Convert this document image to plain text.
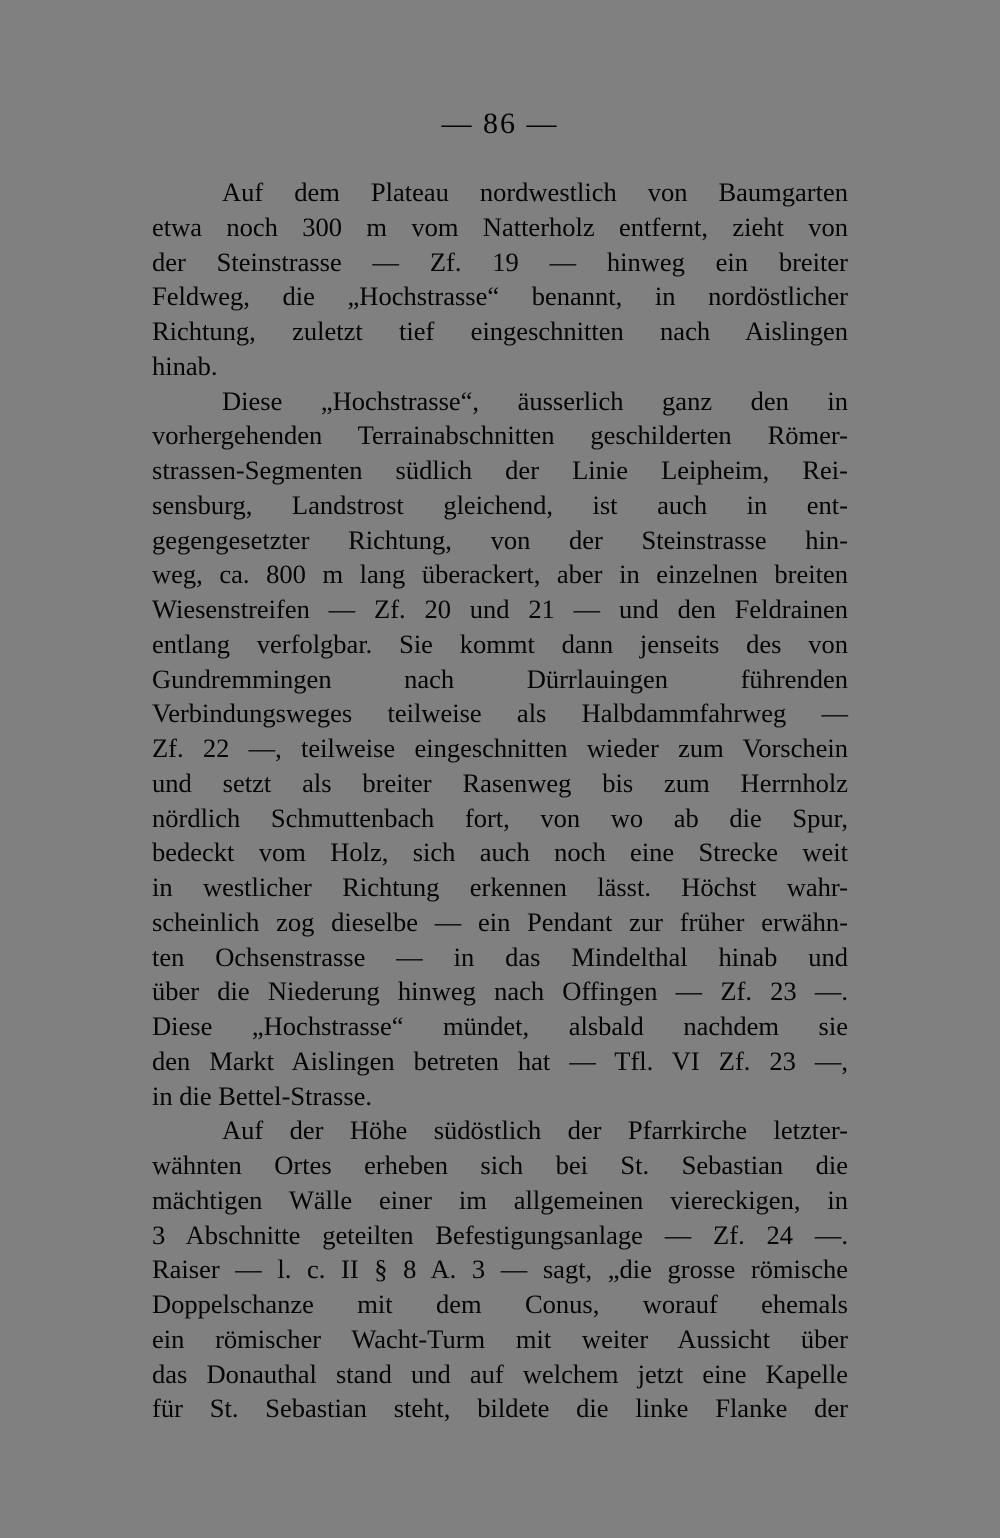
— 86 —
Auf dem Plateau nordwestlich von Baumgarten
etwa noch 300 m vom Natterholz entfernt, zieht von
der Steinstrasse — Zf. 19 — hinweg ein breiter
Feldweg, die „Hochstrasse“ benannt, in nordöstlicher
Richtung, zuletzt tief eingeschnitten nach Aislingen
hinab.
Diese „Hochstrasse“, äusserlich ganz den in
vorhergehenden Terrainabschnitten geschilderten Römer-
strassen-Segmenten südlich der Linie Leipheim, Rei-
sensburg, Landstrost gleichend, ist auch in ent-
gegengesetzter Richtung, von der Steinstrasse hin-
weg, ca. 800 m lang überackert, aber in einzelnen breiten
Wiesenstreifen — Zf. 20 und 21 — und den Feldrainen
entlang verfolgbar. Sie kommt dann jenseits des von
Gundremmingen nach Dürrlauingen führenden
Verbindungsweges teilweise als Halbdammfahrweg —
Zf. 22 —, teilweise eingeschnitten wieder zum Vorschein
und setzt als breiter Rasenweg bis zum Herrnholz
nördlich Schmuttenbach fort, von wo ab die Spur,
bedeckt vom Holz, sich auch noch eine Strecke weit
in westlicher Richtung erkennen lässt. Höchst wahr-
scheinlich zog dieselbe — ein Pendant zur früher erwähn-
ten Ochsenstrasse — in das Mindelthal hinab und
über die Niederung hinweg nach Offingen — Zf. 23 —.
Diese „Hochstrasse“ mündet, alsbald nachdem sie
den Markt Aislingen betreten hat — Tfl. VI Zf. 23 —,
in die Bettel-Strasse.
Auf der Höhe südöstlich der Pfarrkirche letzter-
wähnten Ortes erheben sich bei St. Sebastian die
mächtigen Wälle einer im allgemeinen viereckigen, in
3 Abschnitte geteilten Befestigungsanlage — Zf. 24 —.
Raiser — l. c. II § 8 A. 3 — sagt, „die grosse römische
Doppelschanze mit dem Conus, worauf ehemals
ein römischer Wacht-Turm mit weiter Aussicht über
das Donauthal stand und auf welchem jetzt eine Kapelle
für St. Sebastian steht, bildete die linke Flanke der
